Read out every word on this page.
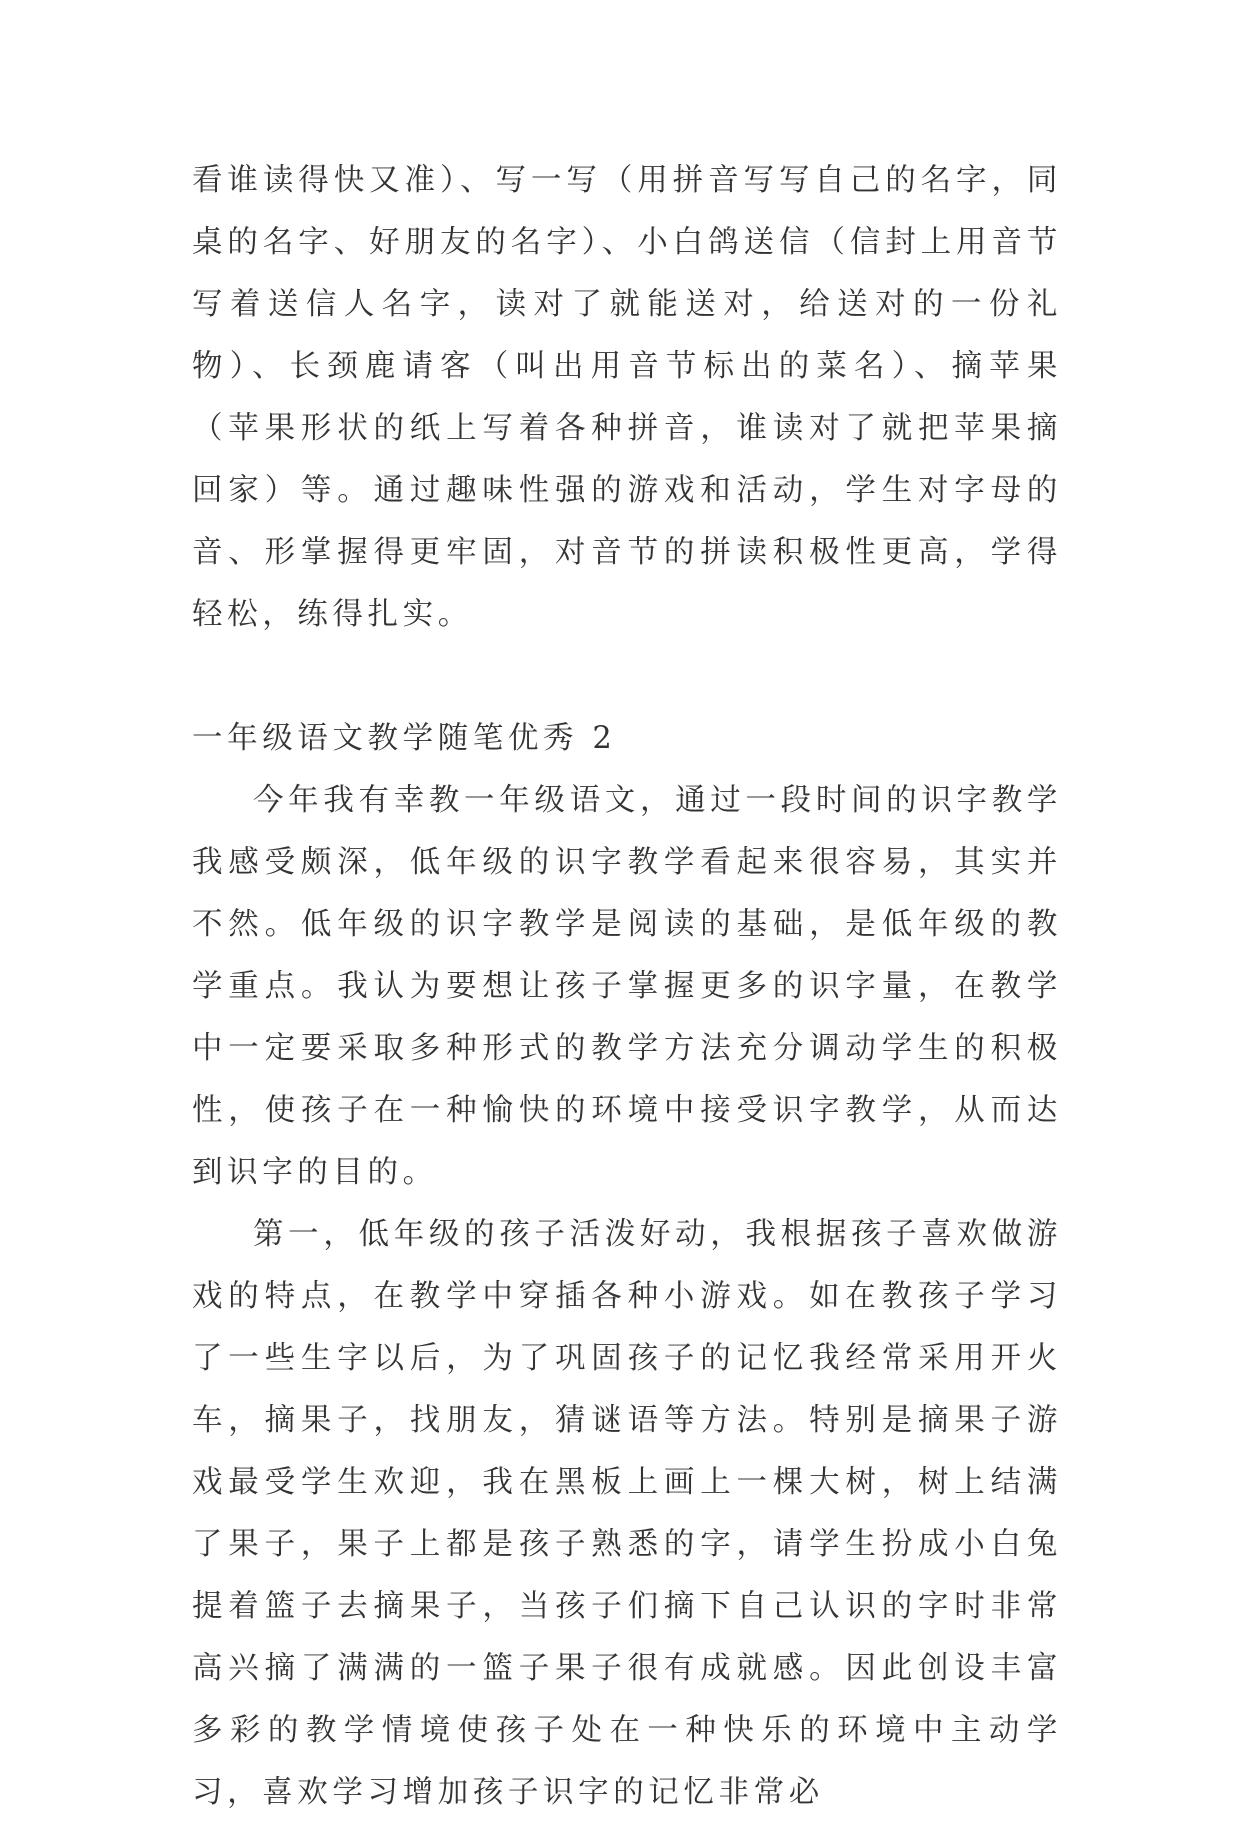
看谁读得快又准）、写一写（用拼音写写自己的名字，同桌的名字、好朋友的名字）、小白鸽送信（信封上用音节写着送信人名字，读对了就能送对，给送对的一份礼物）、长颈鹿请客（叫出用音节标出的菜名）、摘苹果（苹果形状的纸上写着各种拼音，谁读对了就把苹果摘回家）等。通过趣味性强的游戏和活动，学生对字母的音、形掌握得更牢固，对音节的拼读积极性更高，学得轻松，练得扎实。

一年级语文教学随笔优秀 2

今年我有幸教一年级语文，通过一段时间的识字教学我感受颇深，低年级的识字教学看起来很容易，其实并不然。低年级的识字教学是阅读的基础，是低年级的教学重点。我认为要想让孩子掌握更多的识字量，在教学中一定要采取多种形式的教学方法充分调动学生的积极性，使孩子在一种愉快的环境中接受识字教学，从而达到识字的目的。

第一，低年级的孩子活泼好动，我根据孩子喜欢做游戏的特点，在教学中穿插各种小游戏。如在教孩子学习了一些生字以后，为了巩固孩子的记忆我经常采用开火车，摘果子，找朋友，猜谜语等方法。特别是摘果子游戏最受学生欢迎，我在黑板上画上一棵大树，树上结满了果子，果子上都是孩子熟悉的字，请学生扮成小白兔提着篮子去摘果子，当孩子们摘下自己认识的字时非常高兴摘了满满的一篮子果子很有成就感。因此创设丰富多彩的教学情境使孩子处在一种快乐的环境中主动学习，喜欢学习增加孩子识字的记忆非常必
